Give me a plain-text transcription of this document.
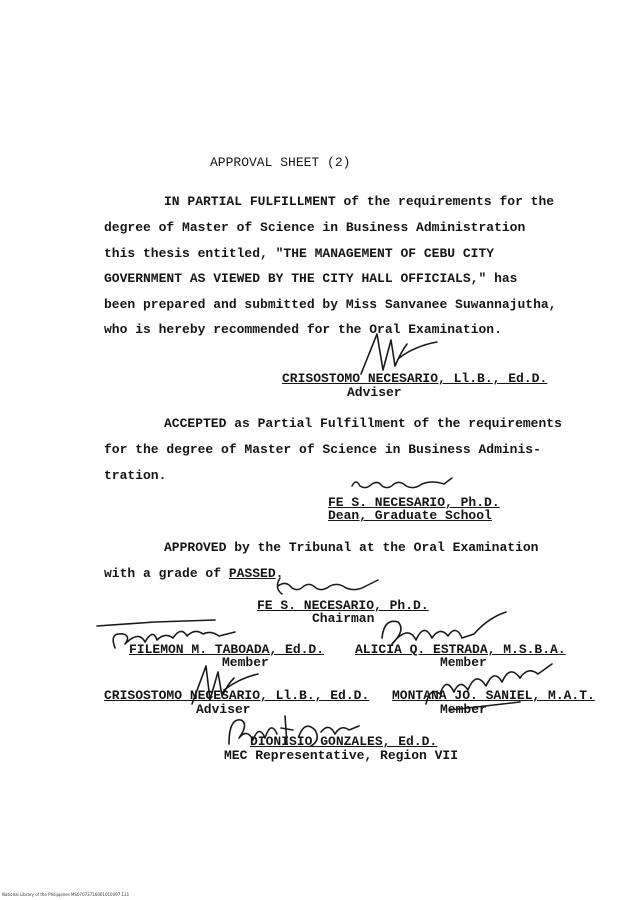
APPROVAL SHEET (2)
IN PARTIAL FULFILLMENT of the requirements for the
degree of Master of Science in Business Administration
this thesis entitled, "THE MANAGEMENT OF CEBU CITY
GOVERNMENT AS VIEWED BY THE CITY HALL OFFICIALS," has
been prepared and submitted by Miss Sanvanee Suwannajutha,
who is hereby recommended for the Oral Examination.
CRISOSTOMO NECESARIO, Ll.B., Ed.D.
Adviser
ACCEPTED as Partial Fulfillment of the requirements
for the degree of Master of Science in Business Adminis-
tration.
FE S. NECESARIO, Ph.D.
Dean, Graduate School
APPROVED by the Tribunal at the Oral Examination
with a grade of PASSED.
FE S. NECESARIO, Ph.D.
Chairman
FILEMON M. TABOADA, Ed.D.
Member
ALICIA Q. ESTRADA, M.S.B.A.
Member
CRISOSTOMO NECESARIO, Ll.B., Ed.D.
Adviser
MONTANA JO. SANIEL, M.A.T.
Member
DIONISIO GONZALES, Ed.D.
MEC Representative, Region VII
National Library of the Philippines MS07073716001010097 111
